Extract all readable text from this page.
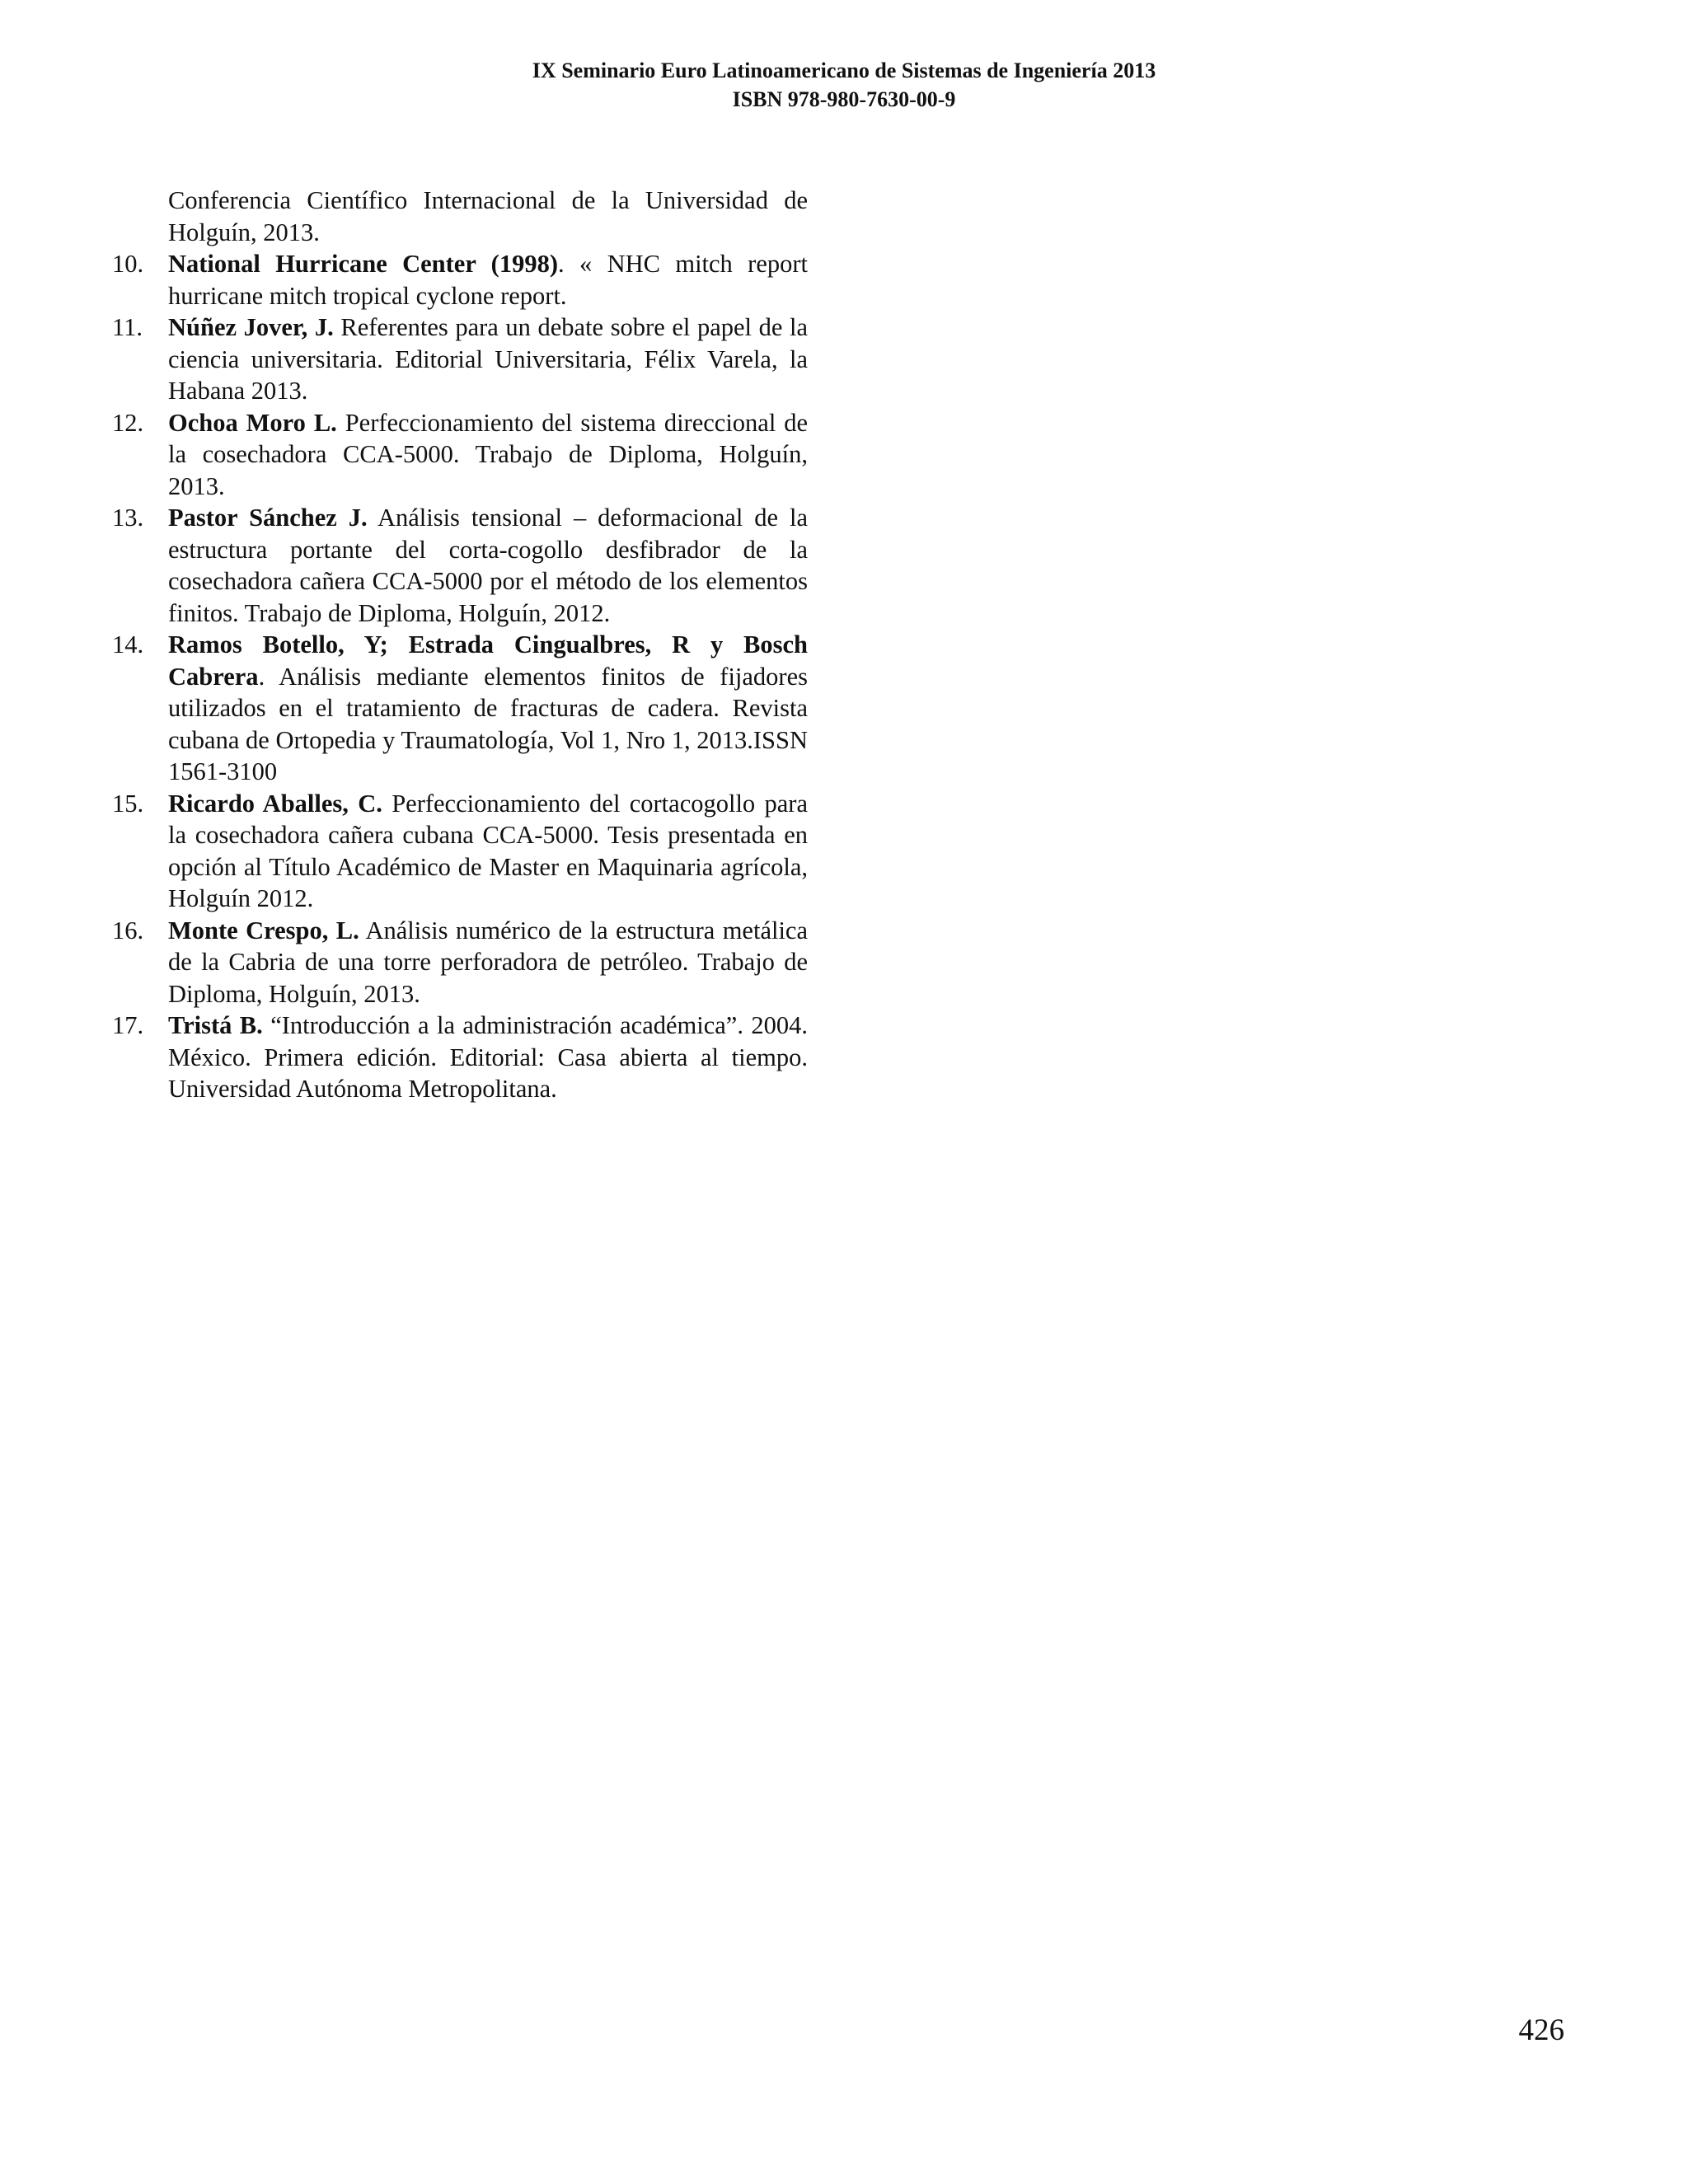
IX Seminario Euro Latinoamericano de Sistemas de Ingeniería 2013
ISBN 978-980-7630-00-9
Conferencia Científico Internacional de la Universidad de Holguín, 2013.
10. National Hurricane Center (1998). « NHC mitch report hurricane mitch tropical cyclone report.
11.	Núñez Jover, J. Referentes para un debate sobre el papel de la ciencia universitaria. Editorial Universitaria, Félix Varela, la Habana 2013.
12. Ochoa Moro L. Perfeccionamiento del sistema direccional de la cosechadora CCA-5000. Trabajo de Diploma, Holguín, 2013.
13. Pastor Sánchez J. Análisis tensional – deformacional de la estructura portante del corta-cogollo desfibrador de la cosechadora cañera CCA-5000 por el método de los elementos finitos. Trabajo de Diploma, Holguín, 2012.
14. Ramos Botello, Y; Estrada Cingualbres, R y Bosch Cabrera. Análisis mediante elementos finitos de fijadores utilizados en el tratamiento de fracturas de cadera. Revista cubana de Ortopedia y Traumatología, Vol 1, Nro 1, 2013.ISSN 1561-3100
15. Ricardo Aballes, C. Perfeccionamiento del cortacogollo para la cosechadora cañera cubana CCA-5000. Tesis presentada en opción al Título Académico de Master en Maquinaria agrícola, Holguín 2012.
16. Monte Crespo, L. Análisis numérico de la estructura metálica de la Cabria de una torre perforadora de petróleo. Trabajo de Diploma, Holguín, 2013.
17. Tristá B. “Introducción a la administración académica”. 2004. México. Primera edición. Editorial: Casa abierta al tiempo. Universidad Autónoma Metropolitana.
426
